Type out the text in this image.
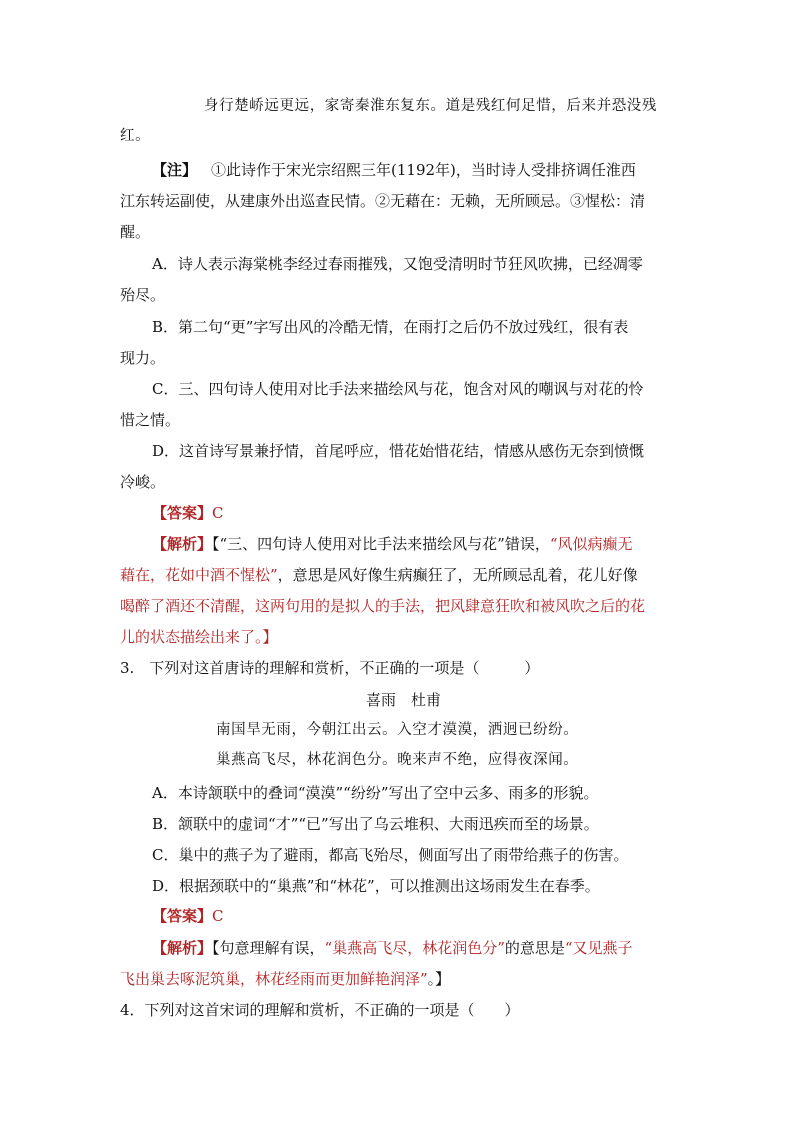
身行楚峤远更远，家寄秦淮东复东。道是残红何足惜，后来并恐没残
红。
【注】 ①此诗作于宋光宗绍熙三年(1192年)，当时诗人受排挤调任淮西
江东转运副使，从建康外出巡查民情。②无藉在：无赖，无所顾忌。③惺松：清
醒。
A．诗人表示海棠桃李经过春雨摧残，又饱受清明时节狂风吹拂，已经凋零
殆尽。
B．第二句“更”字写出风的冷酷无情，在雨打之后仍不放过残红，很有表
现力。
C．三、四句诗人使用对比手法来描绘风与花，饱含对风的嘲讽与对花的怜
惜之情。
D．这首诗写景兼抒情，首尾呼应，惜花始惜花结，情感从感伤无奈到愤慨
冷峻。
【答案】C
【解析】【“三、四句诗人使用对比手法来描绘风与花”错误，“风似病癫无
藉在，花如中酒不惺松”，意思是风好像生病癫狂了，无所顾忌乱着，花儿好像
喝醉了酒还不清醒，这两句用的是拟人的手法，把风肆意狂吹和被风吹之后的花
儿的状态描绘出来了。】
3.　下列对这首唐诗的理解和赏析，不正确的一项是（　　　）
喜雨　杜甫
南国旱无雨，今朝江出云。入空才漠漠，洒迥已纷纷。
巢燕高飞尽，林花润色分。晚来声不绝，应得夜深闻。
A．本诗颔联中的叠词“漠漠”“纷纷”写出了空中云多、雨多的形貌。
B．颔联中的虚词“才”“已”写出了乌云堆积、大雨迅疾而至的场景。
C．巢中的燕子为了避雨，都高飞殆尽，侧面写出了雨带给燕子的伤害。
D．根据颈联中的“巢燕”和“林花”，可以推测出这场雨发生在春季。
【答案】C
【解析】【句意理解有误，“巢燕高飞尽，林花润色分”的意思是“又见燕子
飞出巢去啄泥筑巢，林花经雨而更加鲜艳润泽”。】
4．下列对这首宋词的理解和赏析，不正确的一项是（　　）
